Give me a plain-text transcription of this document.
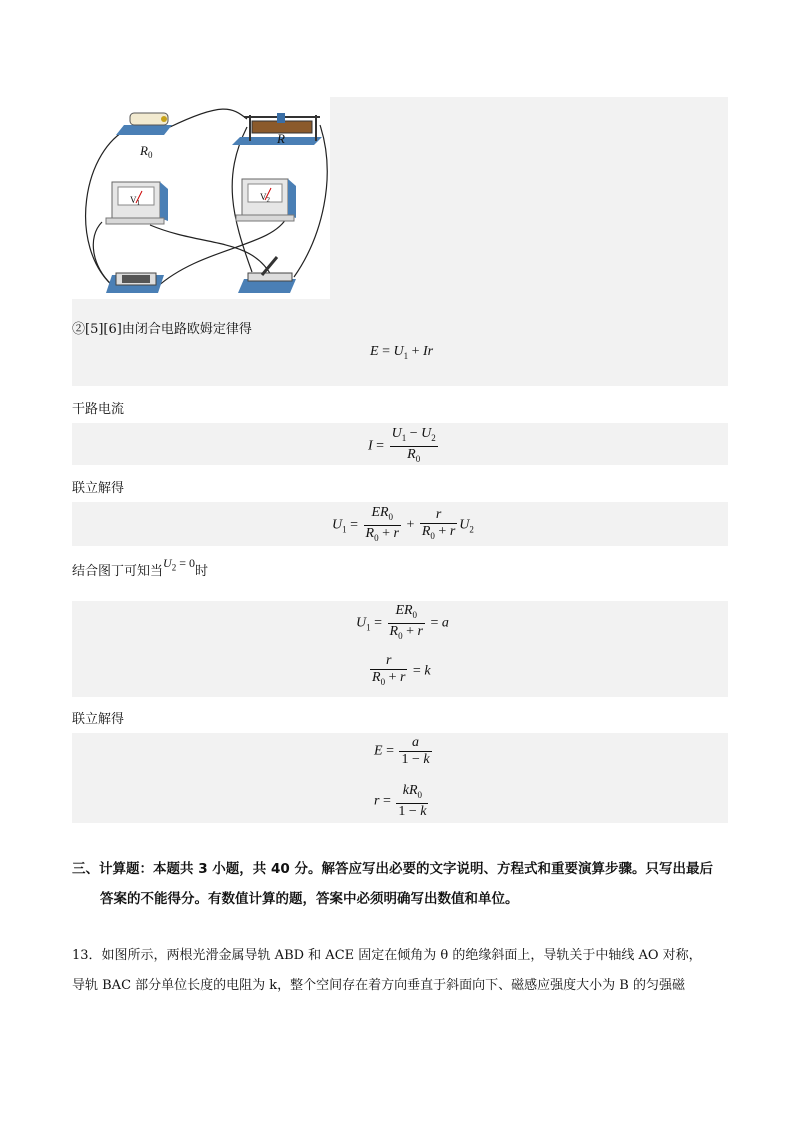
$R_0$
R
$V_1$
$V_2$
②[5][6]由闭合电路欧姆定律得
$E = U_1 + Ir$
干路电流
$I = \frac{U_1 - U_2}{R_0}$
联立解得
$U_1 = \frac{ER_0}{R_0 + r} + \frac{r}{R_0 + r} U_2$
结合图丁可知当$U_2 = 0$时
$U_1 = \frac{ER_0}{R_0 + r} = a$
$\frac{r}{R_0 + r} = k$
联立解得
$E = \frac{a}{1 - k}$
$r = \frac{kR_0}{1 - k}$
三、计算题：本题共 3 小题，共 40 分。解答应写出必要的文字说明、方程式和重要演算步骤。只写出最后
答案的不能得分。有数值计算的题，答案中必须明确写出数值和单位。
13．如图所示，两根光滑金属导轨 ABD 和 ACE 固定在倾角为 θ 的绝缘斜面上，导轨关于中轴线 AO 对称，
导轨 BAC 部分单位长度的电阻为 k，整个空间存在着方向垂直于斜面向下、磁感应强度大小为 B 的匀强磁
